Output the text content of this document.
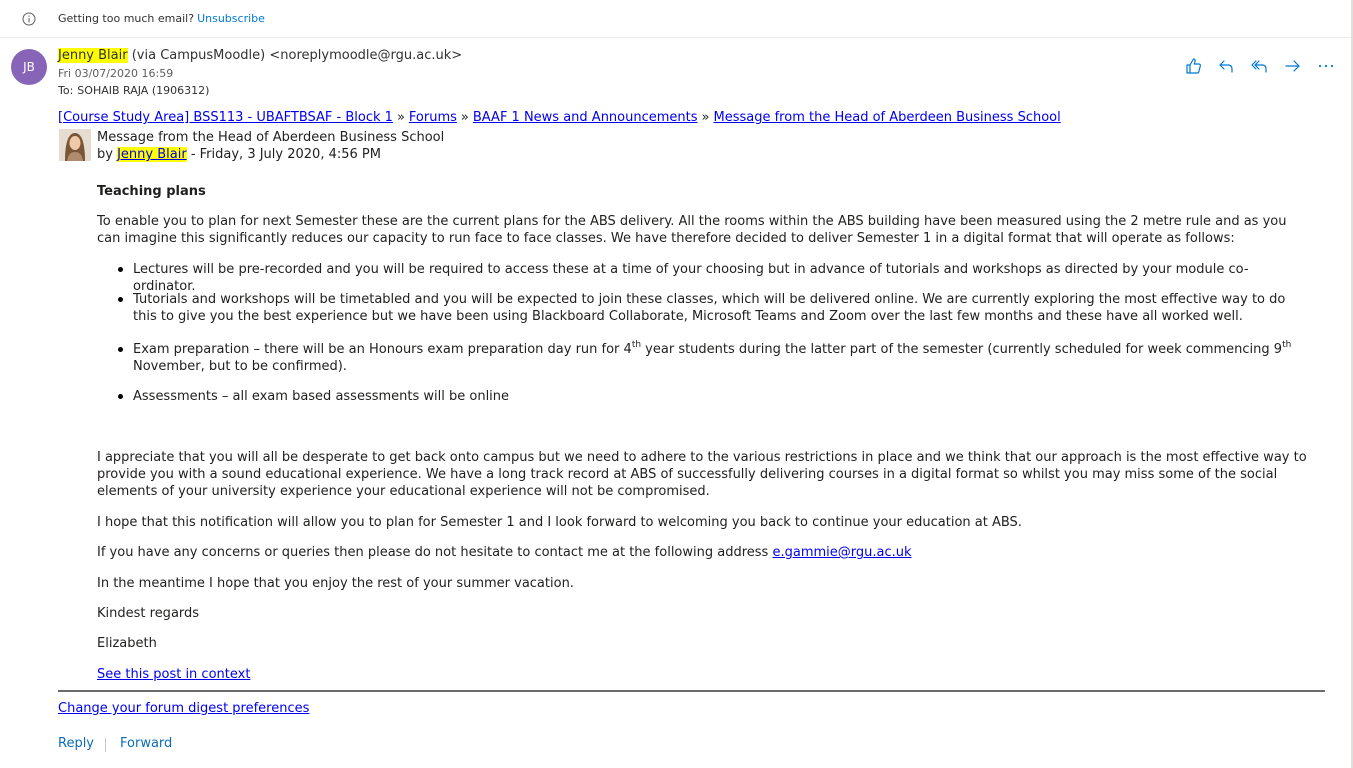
Getting too much email? Unsubscribe
JB
Jenny Blair (via CampusMoodle) <noreplymoodle@rgu.ac.uk>
Fri 03/07/2020 16:59
To: SOHAIB RAJA (1906312)
[Course Study Area] BSS113 - UBAFTBSAF - Block 1 » Forums » BAAF 1 News and Announcements » Message from the Head of Aberdeen Business School
Message from the Head of Aberdeen Business School
by Jenny Blair - Friday, 3 July 2020, 4:56 PM
Teaching plans
To enable you to plan for next Semester these are the current plans for the ABS delivery. All the rooms within the ABS building have been measured using the 2 metre rule and as you can imagine this significantly reduces our capacity to run face to face classes. We have therefore decided to deliver Semester 1 in a digital format that will operate as follows:
Lectures will be pre-recorded and you will be required to access these at a time of your choosing but in advance of tutorials and workshops as directed by your module co-ordinator.
Tutorials and workshops will be timetabled and you will be expected to join these classes, which will be delivered online. We are currently exploring the most effective way to do this to give you the best experience but we have been using Blackboard Collaborate, Microsoft Teams and Zoom over the last few months and these have all worked well.
Exam preparation – there will be an Honours exam preparation day run for 4th year students during the latter part of the semester (currently scheduled for week commencing 9th November, but to be confirmed).
Assessments – all exam based assessments will be online
I appreciate that you will all be desperate to get back onto campus but we need to adhere to the various restrictions in place and we think that our approach is the most effective way to provide you with a sound educational experience. We have a long track record at ABS of successfully delivering courses in a digital format so whilst you may miss some of the social elements of your university experience your educational experience will not be compromised.
I hope that this notification will allow you to plan for Semester 1 and I look forward to welcoming you back to continue your education at ABS.
If you have any concerns or queries then please do not hesitate to contact me at the following address e.gammie@rgu.ac.uk
In the meantime I hope that you enjoy the rest of your summer vacation.
Kindest regards
Elizabeth
See this post in context
Change your forum digest preferences
Reply Forward
